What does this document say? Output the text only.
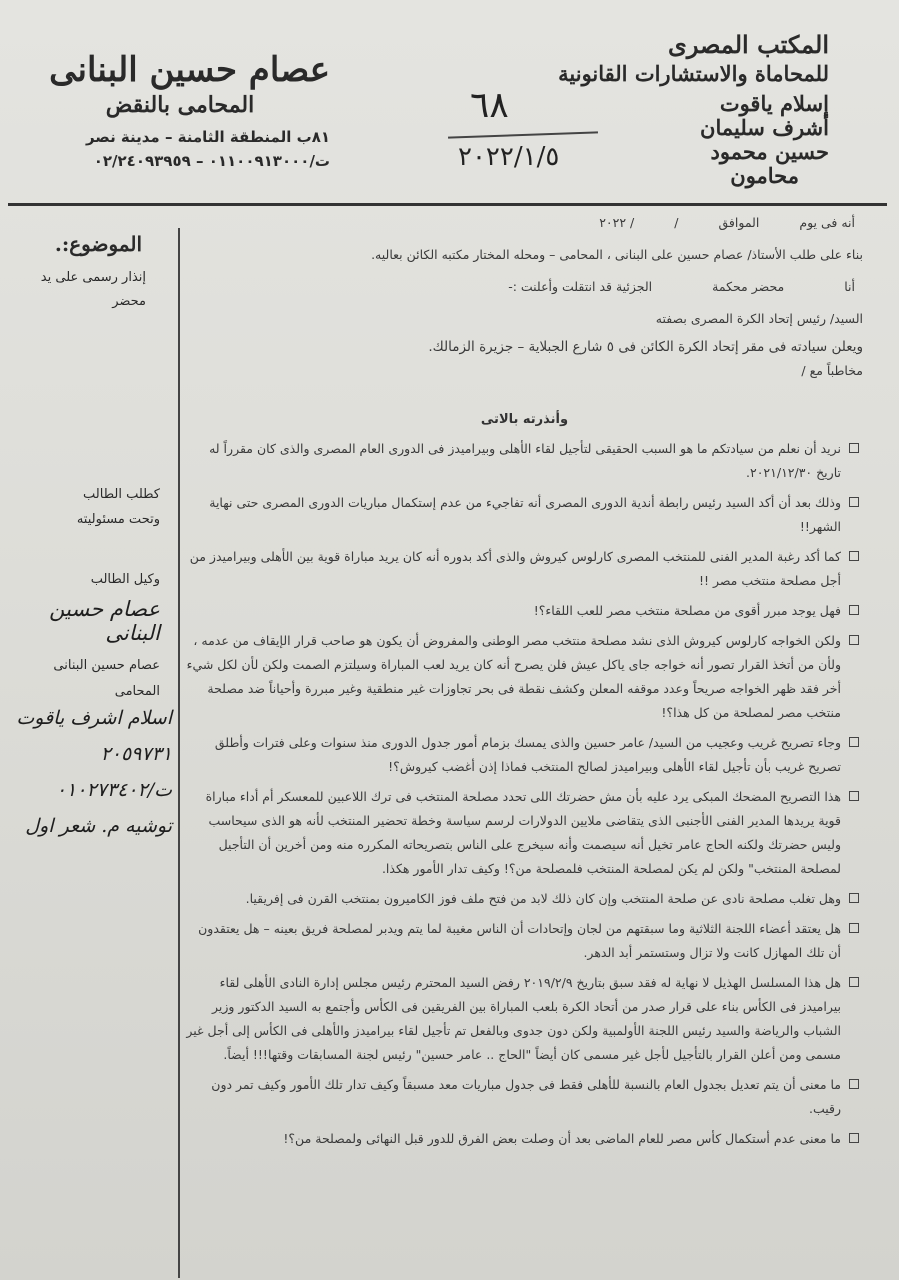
المكتب المصرى
للمحاماة والاستشارات القانونية
إسلام ياقوت
أشرف سليمان
حسين محمود
محامون
عصام حسين البنانى
المحامى بالنقض
٨١ب المنطقة الثامنة – مدينة نصر
ت/٠١١٠٠٩١٣٠٠٠ – ٠٢/٢٤٠٩٣٩٥٩
٦٨
٢٠٢٢/١/٥
الموضوع:.
إنذار رسمى على يد
محضر
كطلب الطالب
وتحت مسئوليته
وكيل الطالب
عصام حسين البنانى
عصام حسين البنانى
المحامى
اسلام اشرف ياقوت
٢٠٥٩٧٣١
ت/٠١٠٢٧٣٤٠٢
توشيه م. شعر اول
أنه فى يوم
الموافق
/
/ ٢٠٢٢
بناء على طلب الأستاذ/ عصام حسين على البنانى ، المحامى – ومحله المختار مكتبه الكائن بعاليه.
أنا
محضر محكمة
الجزئية قد انتقلت وأعلنت :-
السيد/ رئيس إتحاد الكرة المصرى بصفته
ويعلن سيادته فى مقر إتحاد الكرة الكائن فى ٥ شارع الجبلاية – جزيرة الزمالك.
مخاطباً مع /
وأنذرته بالاتى
نريد أن نعلم من سيادتكم ما هو السبب الحقيقى لتأجيل لقاء الأهلى وبيراميدز فى الدورى العام المصرى والذى كان مقرراً له تاريخ ٢٠٢١/١٢/٣٠.
وذلك بعد أن أكد السيد رئيس رابطة أندية الدورى المصرى أنه تفاجيء من عدم إستكمال مباريات الدورى المصرى حتى نهاية الشهر!!
كما أكد رغبة المدير الفنى للمنتخب المصرى كارلوس كيروش والذى أكد بدوره أنه كان يريد مباراة قوية بين الأهلى وبيراميدز من أجل مصلحة منتخب مصر !!
فهل يوجد مبرر أقوى من مصلحة منتخب مصر للعب اللقاء؟!
ولكن الخواجه كارلوس كيروش الذى نشد مصلحة منتخب مصر الوطنى والمفروض أن يكون هو صاحب قرار الإيقاف من عدمه ، ولأن من أتخذ القرار تصور أنه خواجه جاى ياكل عيش فلن يصرح أنه كان يريد لعب المباراة وسيلتزم الصمت ولكن لأن لكل شيء أخر فقد ظهر الخواجه صريحاً وعدد موقفه المعلن وكشف نقطة فى بحر تجاوزات غير منطقية وغير مبررة وأحياناً ضد مصلحة منتخب مصر لمصلحة من كل هذا؟!
وجاء تصريح غريب وعجيب من السيد/ عامر حسين والذى يمسك بزمام أمور جدول الدورى منذ سنوات وعلى فترات وأطلق تصريح غريب بأن تأجيل لقاء الأهلى وبيراميدز لصالح المنتخب فماذا إذن أغضب كيروش؟!
هذا التصريح المضحك المبكى يرد عليه بأن مش حضرتك اللى تحدد مصلحة المنتخب فى ترك اللاعبين للمعسكر أم أداء مباراة قوية يريدها المدير الفنى الأجنبى الذى يتقاضى ملايين الدولارات لرسم سياسة وخطة تحضير المنتخب لأنه هو الذى سيحاسب وليس حضرتك ولكنه الحاج عامر تخيل أنه سيصمت وأنه سيخرج على الناس بتصريحاته المكرره منه ومن أخرين أن التأجيل لمصلحة المنتخب" ولكن لم يكن لمصلحة المنتخب فلمصلحة من؟! وكيف تدار الأمور هكذا.
وهل تغلب مصلحة نادى عن صلحة المنتخب وإن كان ذلك لابد من فتح ملف فوز الكاميرون بمنتخب القرن فى إفريقيا.
هل يعتقد أعضاء اللجنة الثلاثية وما سبقتهم من لجان وإتحادات أن الناس مغيبة لما يتم ويدبر لمصلحة فريق بعينه – هل يعتقدون أن تلك المهازل كانت ولا تزال وستستمر أبد الدهر.
هل هذا المسلسل الهذيل لا نهاية له فقد سبق بتاريخ ٢٠١٩/٢/٩ رفض السيد المحترم رئيس مجلس إدارة النادى الأهلى لقاء بيراميدز فى الكأس بناء على قرار صدر من أتحاد الكرة بلعب المباراة بين الفريقين فى الكأس وأجتمع به السيد الدكتور وزير الشباب والرياضة والسيد رئيس اللجنة الأولمبية ولكن دون جدوى وبالفعل تم تأجيل لقاء بيراميدز والأهلى فى الكأس إلى أجل غير مسمى ومن أعلن القرار بالتأجيل لأجل غير مسمى كان أيضاً "الحاج .. عامر حسين" رئيس لجنة المسابقات وقتها!!! أيضاً.
ما معنى أن يتم تعديل بجدول العام بالنسبة للأهلى فقط فى جدول مباريات معد مسبقاً وكيف تدار تلك الأمور وكيف تمر دون رقيب.
ما معنى عدم أستكمال كأس مصر للعام الماضى بعد أن وصلت بعض الفرق للدور قبل النهائى ولمصلحة من؟!
